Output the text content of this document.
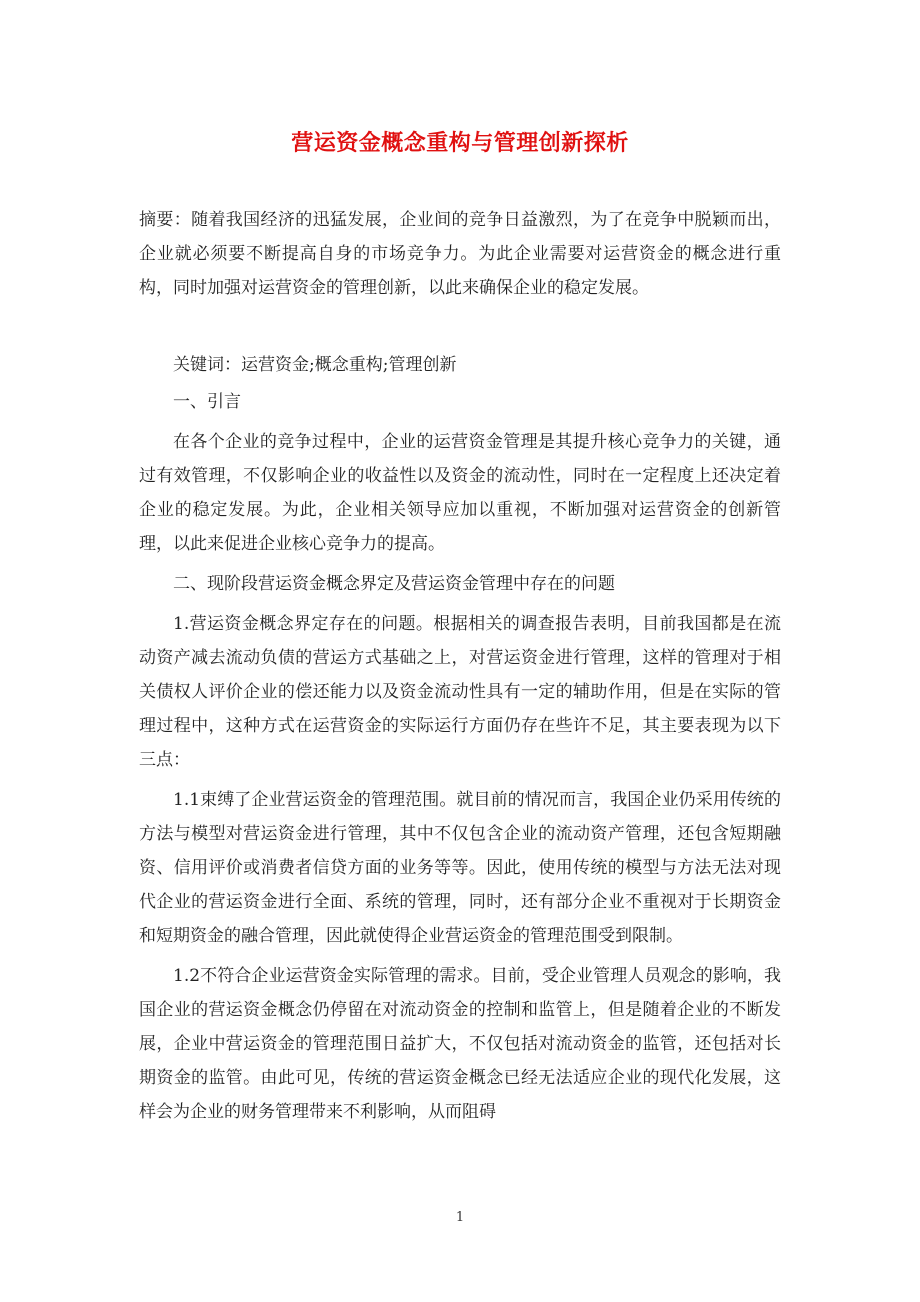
营运资金概念重构与管理创新探析

摘要：随着我国经济的迅猛发展，企业间的竞争日益激烈，为了在竞争中脱颖而出，企业就必须要不断提高自身的市场竞争力。为此企业需要对运营资金的概念进行重构，同时加强对运营资金的管理创新，以此来确保企业的稳定发展。

关键词：运营资金;概念重构;管理创新

一、引言

在各个企业的竞争过程中，企业的运营资金管理是其提升核心竞争力的关键，通过有效管理，不仅影响企业的收益性以及资金的流动性，同时在一定程度上还决定着企业的稳定发展。为此，企业相关领导应加以重视，不断加强对运营资金的创新管理，以此来促进企业核心竞争力的提高。

二、现阶段营运资金概念界定及营运资金管理中存在的问题

1.营运资金概念界定存在的问题。根据相关的调查报告表明，目前我国都是在流动资产减去流动负债的营运方式基础之上，对营运资金进行管理，这样的管理对于相关债权人评价企业的偿还能力以及资金流动性具有一定的辅助作用，但是在实际的管理过程中，这种方式在运营资金的实际运行方面仍存在些许不足，其主要表现为以下三点：

1.1束缚了企业营运资金的管理范围。就目前的情况而言，我国企业仍采用传统的方法与模型对营运资金进行管理，其中不仅包含企业的流动资产管理，还包含短期融资、信用评价或消费者信贷方面的业务等等。因此，使用传统的模型与方法无法对现代企业的营运资金进行全面、系统的管理，同时，还有部分企业不重视对于长期资金和短期资金的融合管理，因此就使得企业营运资金的管理范围受到限制。

1.2不符合企业运营资金实际管理的需求。目前，受企业管理人员观念的影响，我国企业的营运资金概念仍停留在对流动资金的控制和监管上，但是随着企业的不断发展，企业中营运资金的管理范围日益扩大，不仅包括对流动资金的监管，还包括对长期资金的监管。由此可见，传统的营运资金概念已经无法适应企业的现代化发展，这样会为企业的财务管理带来不利影响，从而阻碍

1
